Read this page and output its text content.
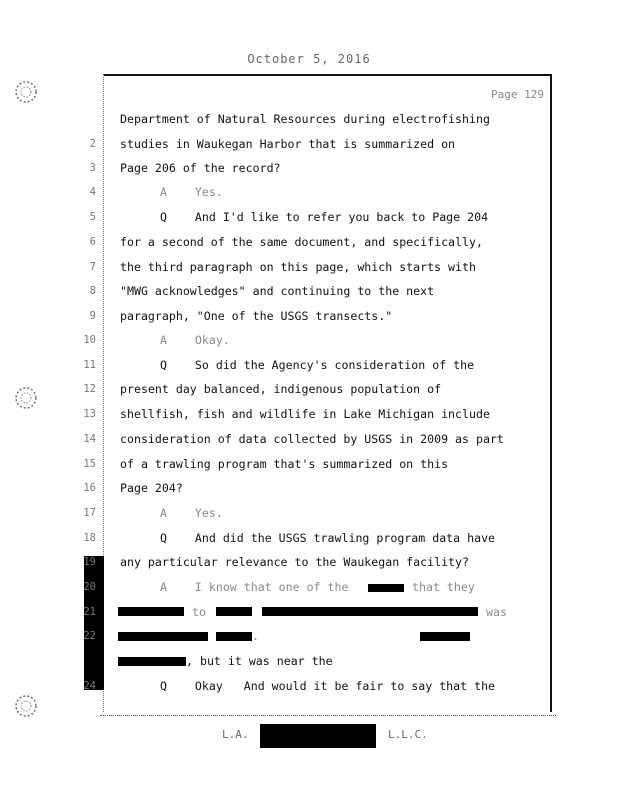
October 5, 2016
Page 129
Department of Natural Resources during electrofishing
2 studies in Waukegan Harbor that is summarized on
3 Page 206 of the record?
4	A    Yes.
5	Q    And I'd like to refer you back to Page 204
6 for a second of the same document, and specifically,
7 the third paragraph on this page, which starts with
8 "MWG acknowledges" and continuing to the next
9 paragraph, "One of the USGS transects."
10	A    Okay.
11	Q    So did the Agency's consideration of the
12 present day balanced, indigenous population of
13 shellfish, fish and wildlife in Lake Michigan include
14 consideration of data collected by USGS in 2009 as part
15 of a trawling program that's summarized on this
16 Page 204?
17	A    Yes.
18	Q    And did the USGS trawling program data have
19 any particular relevance to the Waukegan facility?
20	A    I know that one of the	that they
21	to	was
22	.
, but it was near the
24	Q    Okay   And would it be fair to say that the
L.A.	L.L.C.
